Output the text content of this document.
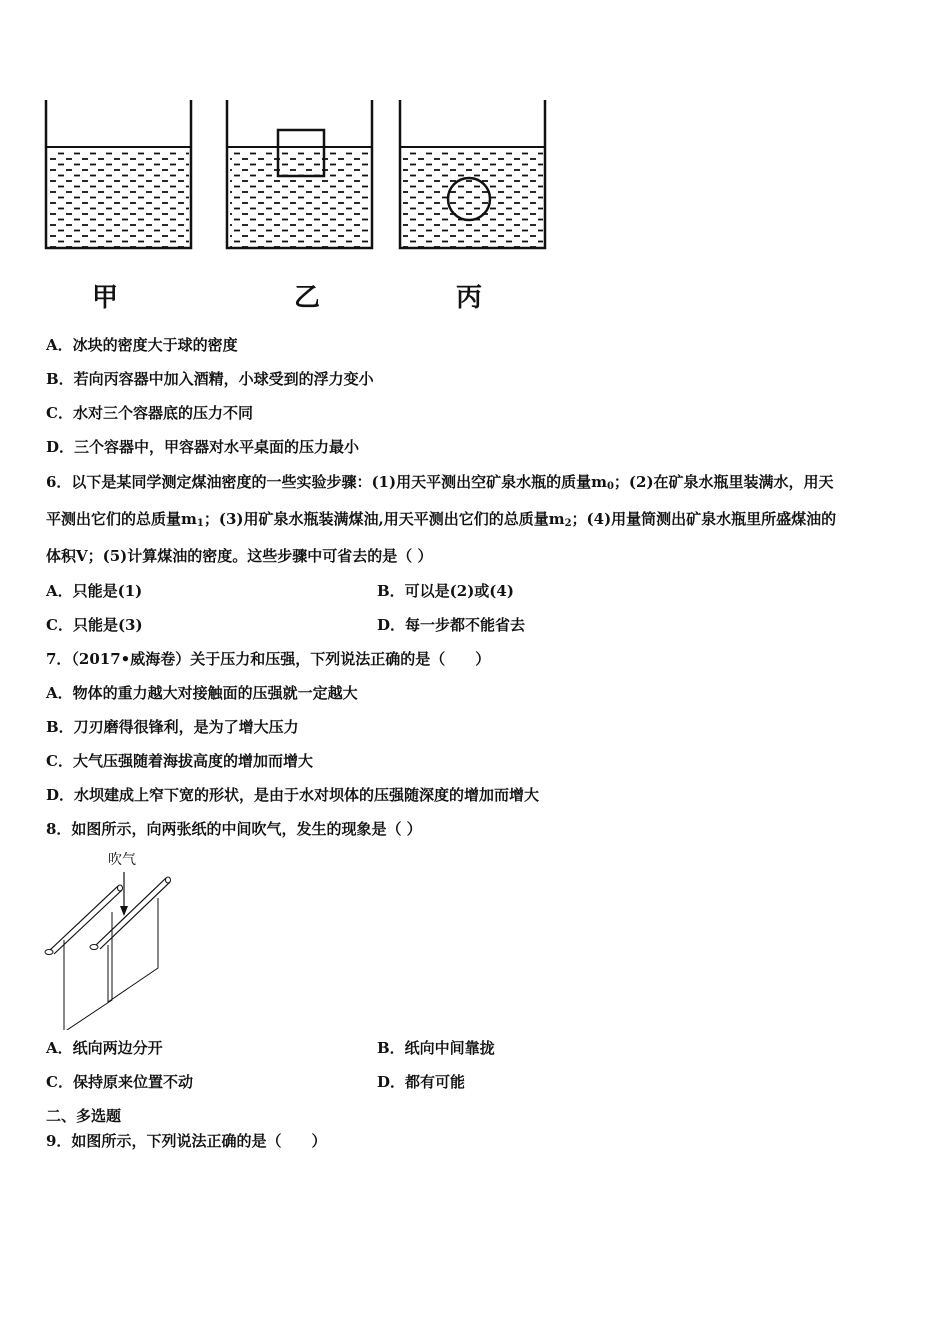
甲	乙	丙
A．冰块的密度大于球的密度
B．若向丙容器中加入酒精，小球受到的浮力变小
C．水对三个容器底的压力不同
D．三个容器中，甲容器对水平桌面的压力最小
6．以下是某同学测定煤油密度的一些实验步骤：(1)用天平测出空矿泉水瓶的质量$m_0$；(2)在矿泉水瓶里装满水，用天
平测出它们的总质量$m_1$；(3)用矿泉水瓶装满煤油,用天平测出它们的总质量$m_2$；(4)用量筒测出矿泉水瓶里所盛煤油的
体积V；(5)计算煤油的密度。这些步骤中可省去的是（ ）
A．只能是(1)	B．可以是(2)或(4)
C．只能是(3)	D．每一步都不能省去
7．（2017•威海卷）关于压力和压强，下列说法正确的是（　　）
A．物体的重力越大对接触面的压强就一定越大
B．刀刃磨得很锋利，是为了增大压力
C．大气压强随着海拔高度的增加而增大
D．水坝建成上窄下宽的形状，是由于水对坝体的压强随深度的增加而增大
8．如图所示，向两张纸的中间吹气，发生的现象是（ ）
吹气
A．纸向两边分开	B．纸向中间靠拢
C．保持原来位置不动	D．都有可能
二、多选题
9．如图所示，下列说法正确的是（　　）
